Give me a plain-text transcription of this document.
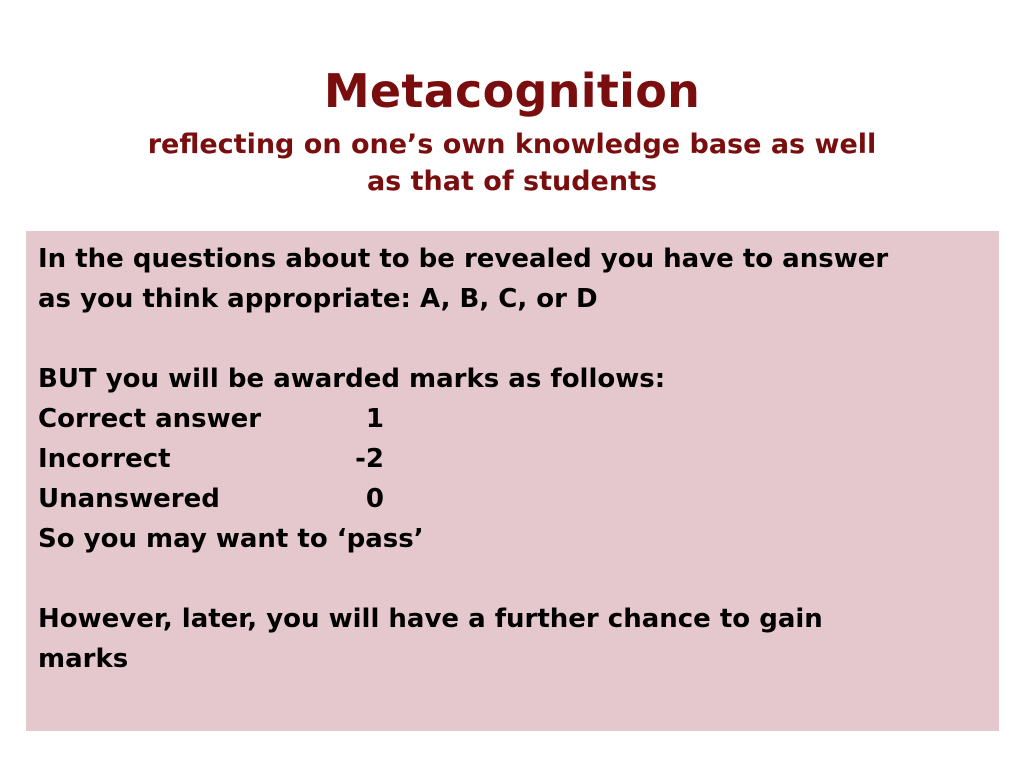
Metacognition
reflecting on one’s own knowledge base as well as that of students
In the questions about to be revealed you have to answer
as you think appropriate: A, B, C, or D
BUT you will be awarded marks as follows:
Correct answer	1
Incorrect	-2
Unanswered	0
So you may want to ‘pass’
However, later, you will have a further chance to gain
marks
